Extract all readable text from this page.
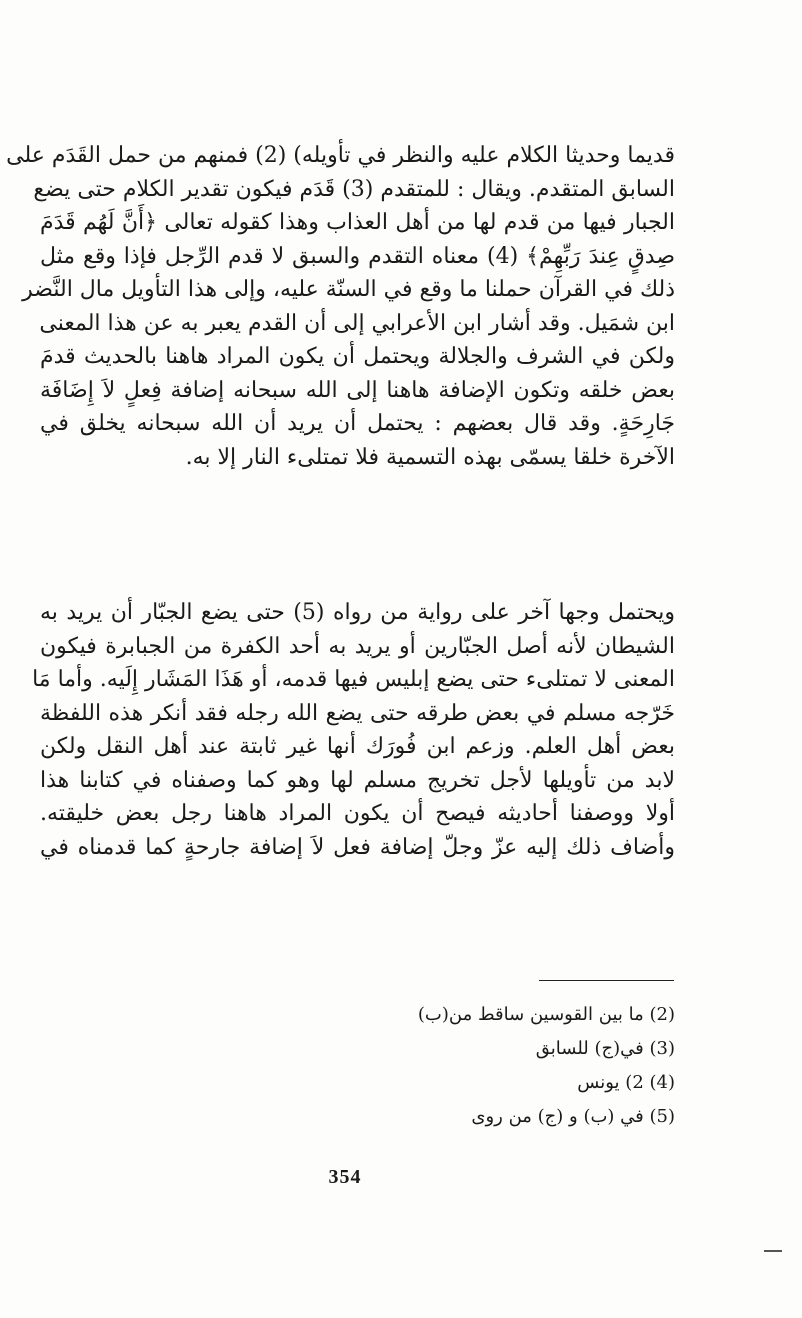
قديما وحديثا الكلام عليه والنظر في تأويله) (2) فمنهم من حمل القَدَم على
السابق المتقدم. ويقال : للمتقدم (3) قَدَم فيكون تقدير الكلام حتى يضع
الجبار فيها من قدم لها من أهل العذاب وهذا كقوله تعالى ﴿أَنَّ لَهُم قَدَمَ
صِدقٍ عِندَ رَبِّهِمْ﴾ (4) معناه التقدم والسبق لا قدم الرِّجل فإذا وقع مثل
ذلك في القرآن حملنا ما وقع في السنّة عليه، وإلى هذا التأويل مال النَّضر
ابن شمَيل. وقد أشار ابن الأعرابي إلى أن القدم يعبر به عن هذا المعنى
ولكن في الشرف والجلالة ويحتمل أن يكون المراد هاهنا بالحديث قدمَ
بعض خلقه وتكون الإضافة هاهنا إلى الله سبحانه إضافة فِعلٍ لاَ إِضَافَة
جَارِحَةٍ. وقد قال بعضهم : يحتمل أن يريد أن الله سبحانه يخلق في
الآخرة خلقا يسمّى بهذه التسمية فلا تمتلىء النار إلا به.
ويحتمل وجها آخر على رواية من رواه (5) حتى يضع الجبّار أن يريد به
الشيطان لأنه أصل الجبّارين أو يريد به أحد الكفرة من الجبابرة فيكون
المعنى لا تمتلىء حتى يضع إبليس فيها قدمه، أو هَذَا المَشَار إِلَيه. وأما مَا
خَرّجه مسلم في بعض طرقه حتى يضع الله رجله فقد أنكر هذه اللفظة
بعض أهل العلم. وزعم ابن فُورَك أنها غير ثابتة عند أهل النقل ولكن
لابد من تأويلها لأجل تخريج مسلم لها وهو كما وصفناه في كتابنا هذا
أولا ووصفنا أحاديثه فيصح أن يكون المراد هاهنا رجل بعض خليقته.
وأضاف ذلك إليه عزّ وجلّ إضافة فعل لاَ إضافة جارحةٍ كما قدمناه في
(2) ما بين القوسين ساقط من(ب)
(3) في(ج) للسابق
(4) 2) يونس
(5) في (ب) و (ج) من روى
354
